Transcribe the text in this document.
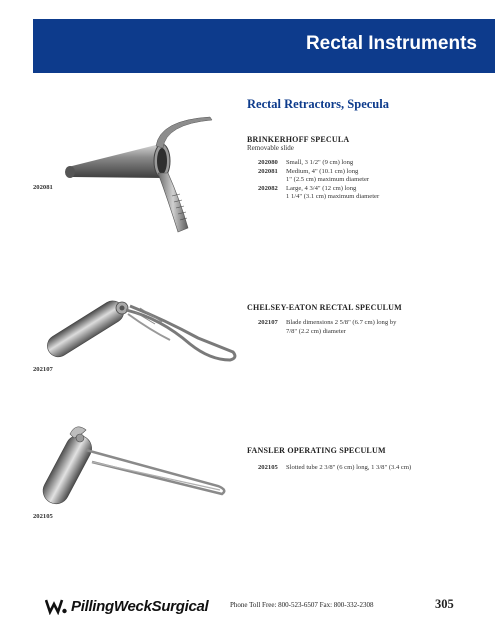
Rectal Instruments
Rectal Retractors, Specula
BRINKERHOFF SPECULA
Removable slide
202080 Small, 3 1/2" (9 cm) long
202081 Medium, 4" (10.1 cm) long
1" (2.5 cm) maximum diameter
202082 Large, 4 3/4" (12 cm) long
1 1/4" (3.1 cm) maximum diameter
202081
CHELSEY-EATON RECTAL SPECULUM
202107 Blade dimensions 2 5/8" (6.7 cm) long by
7/8" (2.2 cm) diameter
202107
FANSLER OPERATING SPECULUM
202105 Slotted tube 2 3/8" (6 cm) long, 1 3/8" (3.4 cm)
202105
PillingWeckSurgical	Phone Toll Free: 800-523-6507 Fax: 800-332-2308	305
